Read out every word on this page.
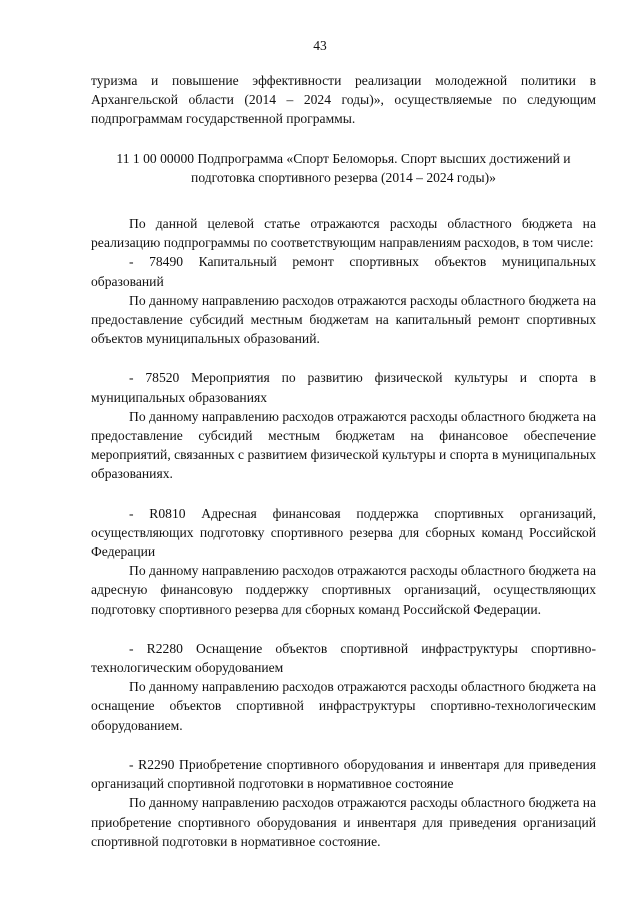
43

туризма и повышение эффективности реализации молодежной политики в Архангельской области (2014 – 2024 годы)», осуществляемые по следующим подпрограммам государственной программы.

11 1 00 00000 Подпрограмма «Спорт Беломорья. Спорт высших достижений и подготовка спортивного резерва (2014 – 2024 годы)»

По данной целевой статье отражаются расходы областного бюджета на реализацию подпрограммы по соответствующим направлениям расходов, в том числе:

- 78490 Капитальный ремонт спортивных объектов муниципальных образований

По данному направлению расходов отражаются расходы областного бюджета на предоставление субсидий местным бюджетам на капитальный ремонт спортивных объектов муниципальных образований.

- 78520 Мероприятия по развитию физической культуры и спорта в муниципальных образованиях

По данному направлению расходов отражаются расходы областного бюджета на предоставление субсидий местным бюджетам на финансовое обеспечение мероприятий, связанных с развитием физической культуры и спорта в муниципальных образованиях.

- R0810 Адресная финансовая поддержка спортивных организаций, осуществляющих подготовку спортивного резерва для сборных команд Российской Федерации

По данному направлению расходов отражаются расходы областного бюджета на адресную финансовую поддержку спортивных организаций, осуществляющих подготовку спортивного резерва для сборных команд Российской Федерации.

- R2280 Оснащение объектов спортивной инфраструктуры спортивно-технологическим оборудованием

По данному направлению расходов отражаются расходы областного бюджета на оснащение объектов спортивной инфраструктуры спортивно-технологическим оборудованием.

- R2290 Приобретение спортивного оборудования и инвентаря для приведения организаций спортивной подготовки в нормативное состояние

По данному направлению расходов отражаются расходы областного бюджета на приобретение спортивного оборудования и инвентаря для приведения организаций спортивной подготовки в нормативное состояние.
